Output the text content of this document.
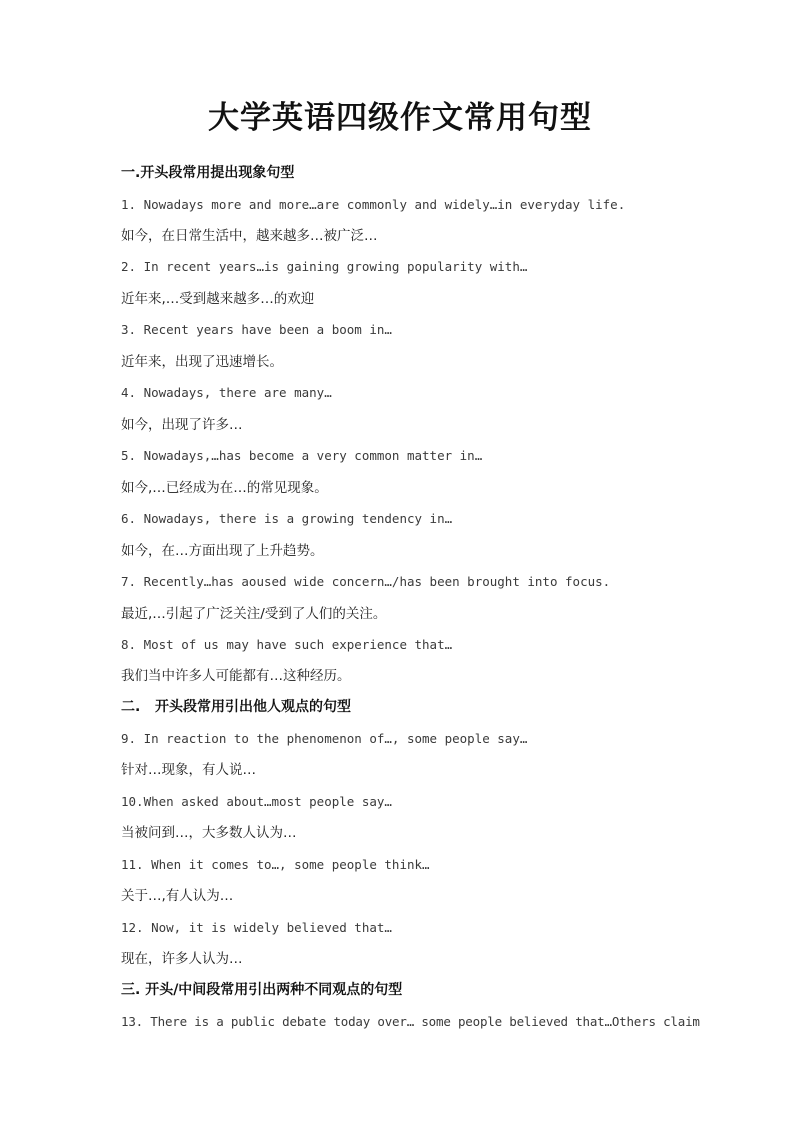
大学英语四级作文常用句型

一.开头段常用提出现象句型

1. Nowadays more and more…are commonly and widely…in everyday life.

如今，在日常生活中，越来越多…被广泛…

2. In recent years…is gaining growing popularity with…

近年来,…受到越来越多…的欢迎

3. Recent years have been a boom in…

近年来，出现了迅速增长。

4. Nowadays, there are many…

如今，出现了许多…

5. Nowadays,…has become a very common matter in…

如今,…已经成为在…的常见现象。

6. Nowadays, there is a growing tendency in…

如今，在…方面出现了上升趋势。

7. Recently…has aoused wide concern…/has been brought into focus.

最近,…引起了广泛关注/受到了人们的关注。

8. Most of us may have such experience that…

我们当中许多人可能都有…这种经历。

二.   开头段常用引出他人观点的句型

9. In reaction to the phenomenon of…, some people say…

针对…现象，有人说…

10.When asked about…most people say…

当被问到…，大多数人认为…

11. When it comes to…, some people think…

关于…,有人认为…

12. Now, it is widely believed that…

现在，许多人认为…

三. 开头/中间段常用引出两种不同观点的句型

13. There is a public debate today over… some people believed that…Others claim
